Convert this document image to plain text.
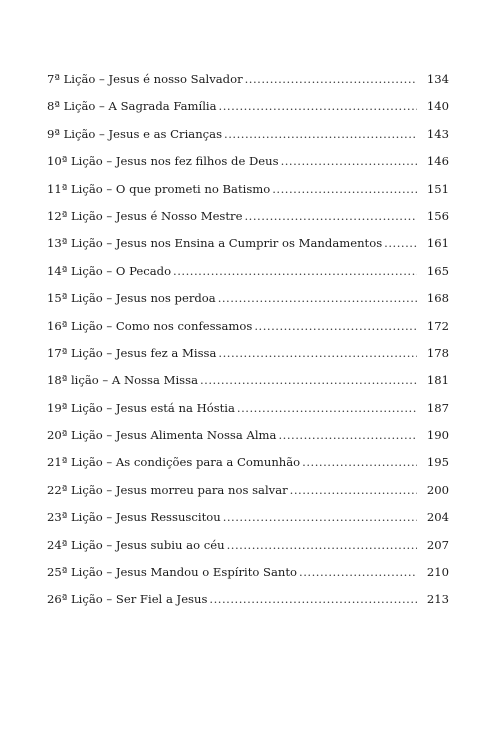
7ª Lição – Jesus é nosso Salvador .....	134
8ª Lição – A Sagrada Família .....	140
9ª Lição – Jesus e as Crianças .....	143
10ª Lição – Jesus nos fez filhos de Deus .....	146
11ª Lição – O que prometi no Batismo .....	151
12ª Lição – Jesus é Nosso Mestre .....	156
13ª Lição – Jesus nos Ensina a Cumprir os Mandamentos .....	161
14ª Lição – O Pecado .....	165
15ª Lição – Jesus nos perdoa .....	168
16ª Lição – Como nos confessamos .....	172
17ª Lição – Jesus fez a Missa .....	178
18ª lição – A Nossa Missa .....	181
19ª Lição – Jesus está na Hóstia .....	187
20ª Lição – Jesus Alimenta Nossa Alma .....	190
21ª Lição – As condições para a Comunhão .....	195
22ª Lição – Jesus morreu para nos salvar .....	200
23ª Lição – Jesus Ressuscitou .....	204
24ª Lição – Jesus subiu ao céu .....	207
25ª Lição – Jesus Mandou o Espírito Santo .....	210
26ª Lição – Ser Fiel a Jesus .....	213
